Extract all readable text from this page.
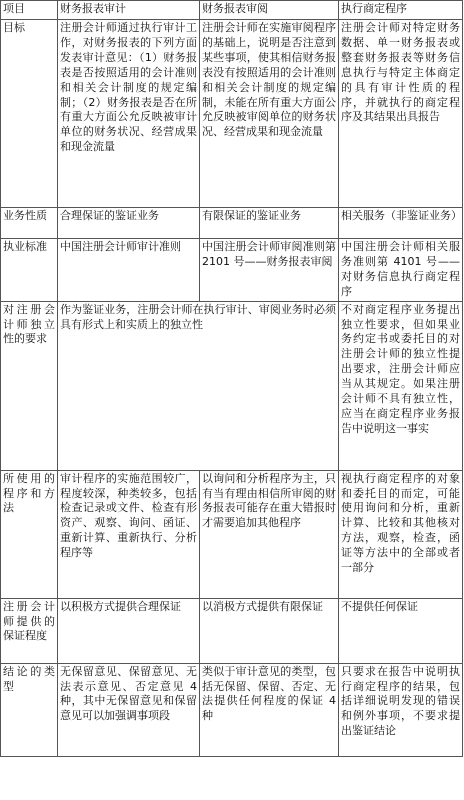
项目	财务报表审计	财务报表审阅	执行商定程序
目标	注册会计师通过执行审计工作，对财务报表的下列方面发表审计意见：（1）财务报表是否按照适用的会计准则和相关会计制度的规定编制；（2）财务报表是否在所有重大方面公允反映被审计单位的财务状况、经营成果和现金流量	注册会计师在实施审阅程序的基础上，说明是否注意到某些事项，使其相信财务报表没有按照适用的会计准则和相关会计制度的规定编制，未能在所有重大方面公允反映被审阅单位的财务状况、经营成果和现金流量	注册会计师对特定财务数据、单一财务报表或整套财务报表等财务信息执行与特定主体商定的具有审计性质的程序，并就执行的商定程序及其结果出具报告
业务性质	合理保证的鉴证业务	有限保证的鉴证业务	相关服务（非鉴证业务）
执业标准	中国注册会计师审计准则	中国注册会计师审阅准则第 2101 号——财务报表审阅	中国注册会计师相关服务准则第 4101 号——对财务信息执行商定程序
对注册会计师独立性的要求	作为鉴证业务，注册会计师在执行审计、审阅业务时必须具有形式上和实质上的独立性		不对商定程序业务提出独立性要求，但如果业务约定书或委托目的对注册会计师的独立性提出要求，注册会计师应当从其规定。如果注册会计师不具有独立性，应当在商定程序业务报告中说明这一事实
所使用的程序和方法	审计程序的实施范围较广，程度较深，种类较多，包括检查记录或文件、检查有形资产、观察、询问、函证、重新计算、重新执行、分析程序等	以询问和分析程序为主，只有当有理由相信所审阅的财务报表可能存在重大错报时才需要追加其他程序	视执行商定程序的对象和委托目的而定，可能使用询问和分析，重新计算、比较和其他核对方法，观察，检查，函证等方法中的全部或者一部分
注册会计师提供的保证程度	以积极方式提供合理保证	以消极方式提供有限保证	不提供任何保证
结论的类型	无保留意见、保留意见、无法表示意见、否定意见 4 种，其中无保留意见和保留意见可以加强调事项段	类似于审计意见的类型，包括无保留、保留、否定、无法提供任何程度的保证 4 种	只要求在报告中说明执行商定程序的结果，包括详细说明发现的错误和例外事项，不要求提出鉴证结论
